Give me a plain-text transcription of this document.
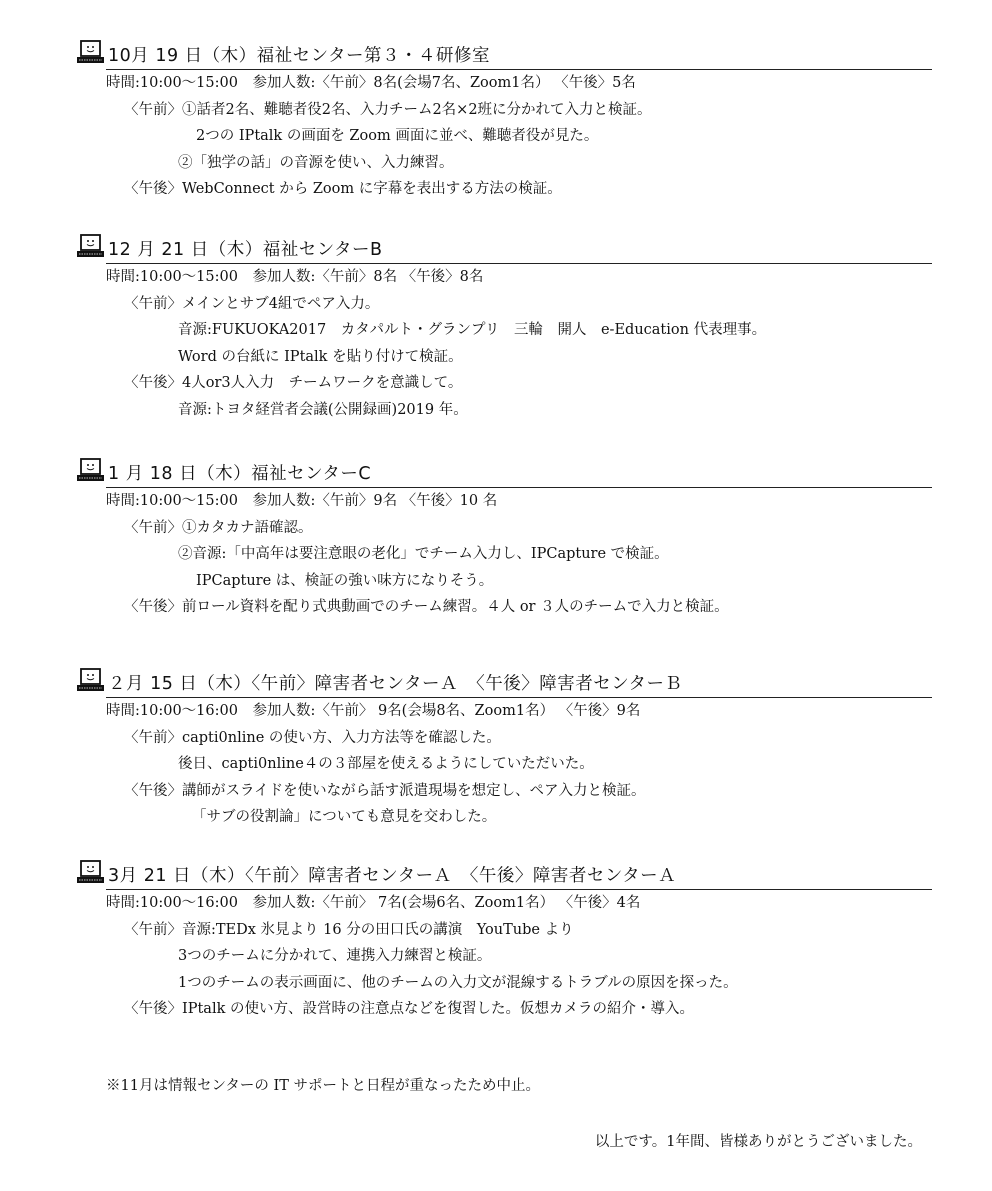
10月 19 日（木）福祉センター第３・４研修室
時間:10:00～15:00　参加人数:〈午前〉8名(会場7名、Zoom1名） 〈午後〉5名
〈午前〉①話者2名、難聴者役2名、入力チーム2名×2班に分かれて入力と検証。
2つの IPtalk の画面を Zoom 画面に並べ、難聴者役が見た。
②「独学の話」の音源を使い、入力練習。
〈午後〉WebConnect から Zoom に字幕を表出する方法の検証。
12 月 21 日（木）福祉センターB
時間:10:00～15:00　参加人数:〈午前〉8名 〈午後〉8名
〈午前〉メインとサブ4組でペア入力。
音源:FUKUOKA2017　カタパルト・グランプリ　三輪　開人　e-Education 代表理事。
Word の台紙に IPtalk を貼り付けて検証。
〈午後〉4人or3人入力　チームワークを意識して。
音源:トヨタ経営者会議(公開録画)2019 年。
1 月 18 日（木）福祉センターC
時間:10:00～15:00　参加人数:〈午前〉9名 〈午後〉10 名
〈午前〉①カタカナ語確認。
②音源:「中高年は要注意眼の老化」でチーム入力し、IPCapture で検証。
IPCapture は、検証の強い味方になりそう。
〈午後〉前ロール資料を配り式典動画でのチーム練習。４人 or ３人のチームで入力と検証。
２月 15 日（木）〈午前〉障害者センターＡ　〈午後〉障害者センターＢ
時間:10:00～16:00　参加人数:〈午前〉 9名(会場8名、Zoom1名） 〈午後〉9名
〈午前〉capti0nline の使い方、入力方法等を確認した。
後日、capti0nline４の３部屋を使えるようにしていただいた。
〈午後〉講師がスライドを使いながら話す派遣現場を想定し、ペア入力と検証。
「サブの役割論」についても意見を交わした。
3月 21 日（木）〈午前〉障害者センターＡ　〈午後〉障害者センターＡ
時間:10:00～16:00　参加人数:〈午前〉 7名(会場6名、Zoom1名） 〈午後〉4名
〈午前〉音源:TEDx 氷見より 16 分の田口氏の講演　YouTube より
3つのチームに分かれて、連携入力練習と検証。
1つのチームの表示画面に、他のチームの入力文が混線するトラブルの原因を探った。
〈午後〉IPtalk の使い方、設営時の注意点などを復習した。仮想カメラの紹介・導入。
※11月は情報センターの IT サポートと日程が重なったため中止。
以上です。1年間、皆様ありがとうございました。
